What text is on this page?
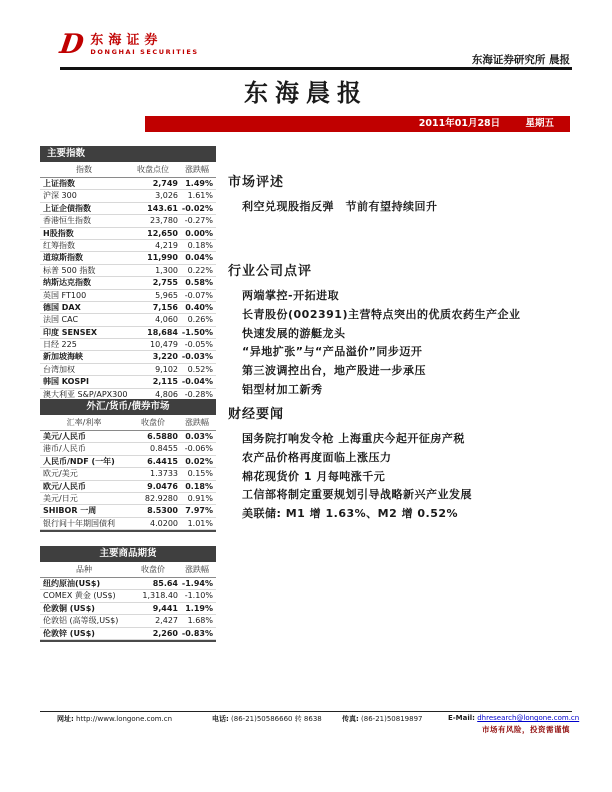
D 东海证券
DONGHAI SECURITIES
东海证券研究所 晨报
东海晨报
2011年01月28日	星期五
主要指数
指数	收盘点位	涨跌幅
上证指数	2,749 1.49%
沪深 300	3,026	1.61%
上证企债指数	143.61 -0.02%
香港恒生指数	23,780 -0.27%
H股指数	12,650 0.00%
红筹指数	4,219	0.18%
道琼斯指数	11,990 0.04%
标普 500 指数	1,300	0.22%
纳斯达克指数	2,755 0.58%
英国 FT100	5,965 -0.07%
德国 DAX	7,156 0.40%
法国 CAC	4,060	0.26%
印度 SENSEX	18,684 -1.50%
日经 225	10,479 -0.05%
新加坡海峡	3,220 -0.03%
台湾加权	9,102	0.52%
韩国 KOSPI	2,115 -0.04%
澳大利亚 S&P/APX300	4,806 -0.28%
外汇/货币/债券市场
汇率/利率	收盘价	涨跌幅
美元/人民币	6.5880 0.03%
港币/人民币	0.8455 -0.06%
人民币/NDF (一年)	6.4415 0.02%
欧元/美元	1.3733	0.15%
欧元/人民币	9.0476 0.18%
美元/日元	82.9280	0.91%
SHIBOR 一周	8.5300 7.97%
银行间十年期国债利	4.0200	1.01%
主要商品期货
品种	收盘价	涨跌幅
纽约原油(US$)	85.64 -1.94%
COMEX 黄金 (US$)	1,318.40 -1.10%
伦敦铜 (US$)	9,441 1.19%
伦敦铝 (高等级,US$)	2,427	1.68%
伦敦锌 (US$)	2,260 -0.83%
市场评述
利空兑现股指反弹　节前有望持续回升
行业公司点评
两端掌控-开拓进取
长青股份(002391)主营特点突出的优质农药生产企业
快速发展的游艇龙头
“异地扩张”与“产品溢价”同步迈开
第三波调控出台，地产股进一步承压
铝型材加工新秀
财经要闻
国务院打响发令枪 上海重庆今起开征房产税
农产品价格再度面临上涨压力
棉花现货价 1 月每吨涨千元
工信部将制定重要规划引导战略新兴产业发展
美联储: M1 增 1.63%、M2 增 0.52%
网址: http://www.longone.com.cn	电话: (86-21)50586660 转 8638	传真: (86-21)50819897	E-Mail: dhresearch@longone.com.cn
市场有风险，投资需谨慎
